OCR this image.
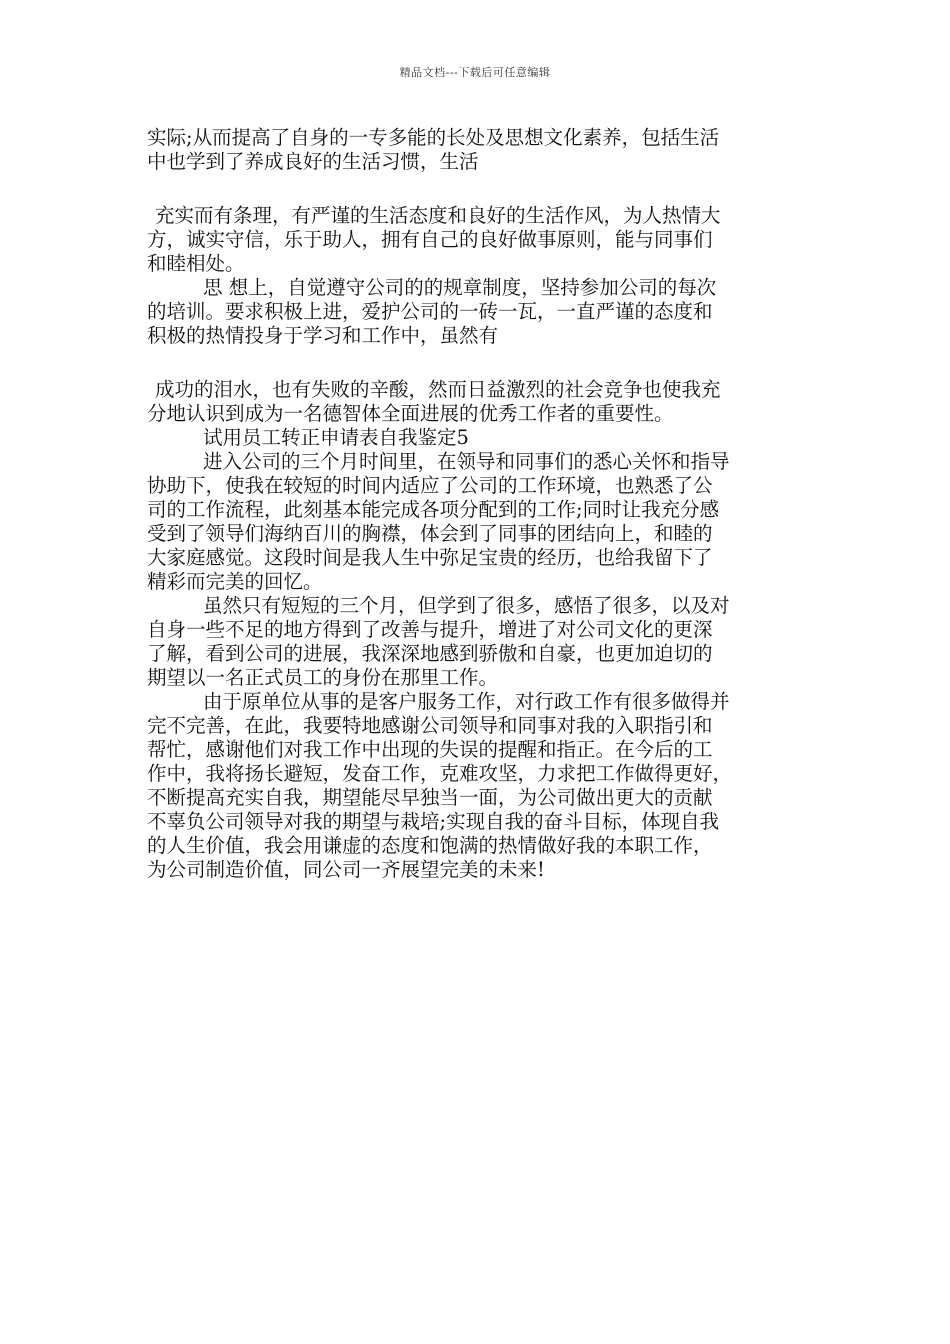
精品文档---下载后可任意编辑
实际;从而提高了自身的一专多能的长处及思想文化素养，包括生活
中也学到了养成良好的生活习惯，生活
充实而有条理，有严谨的生活态度和良好的生活作风，为人热情大
方，诚实守信，乐于助人，拥有自己的良好做事原则，能与同事们
和睦相处。
思 想上，自觉遵守公司的的规章制度，坚持参加公司的每次
的培训。要求积极上进，爱护公司的一砖一瓦，一直严谨的态度和
积极的热情投身于学习和工作中，虽然有
成功的泪水，也有失败的辛酸，然而日益激烈的社会竞争也使我充
分地认识到成为一名德智体全面进展的优秀工作者的重要性。
试用员工转正申请表自我鉴定5
进入公司的三个月时间里，在领导和同事们的悉心关怀和指导
协助下，使我在较短的时间内适应了公司的工作环境，也熟悉了公
司的工作流程，此刻基本能完成各项分配到的工作;同时让我充分感
受到了领导们海纳百川的胸襟，体会到了同事的团结向上，和睦的
大家庭感觉。这段时间是我人生中弥足宝贵的经历，也给我留下了
精彩而完美的回忆。
虽然只有短短的三个月，但学到了很多，感悟了很多，以及对
自身一些不足的地方得到了改善与提升，增进了对公司文化的更深
了解，看到公司的进展，我深深地感到骄傲和自豪，也更加迫切的
期望以一名正式员工的身份在那里工作。
由于原单位从事的是客户服务工作，对行政工作有很多做得并
完不完善，在此，我要特地感谢公司领导和同事对我的入职指引和
帮忙，感谢他们对我工作中出现的失误的提醒和指正。在今后的工
作中，我将扬长避短，发奋工作，克难攻坚，力求把工作做得更好，
不断提高充实自我，期望能尽早独当一面，为公司做出更大的贡献
不辜负公司领导对我的期望与栽培;实现自我的奋斗目标，体现自我
的人生价值，我会用谦虚的态度和饱满的热情做好我的本职工作，
为公司制造价值，同公司一齐展望完美的未来!
